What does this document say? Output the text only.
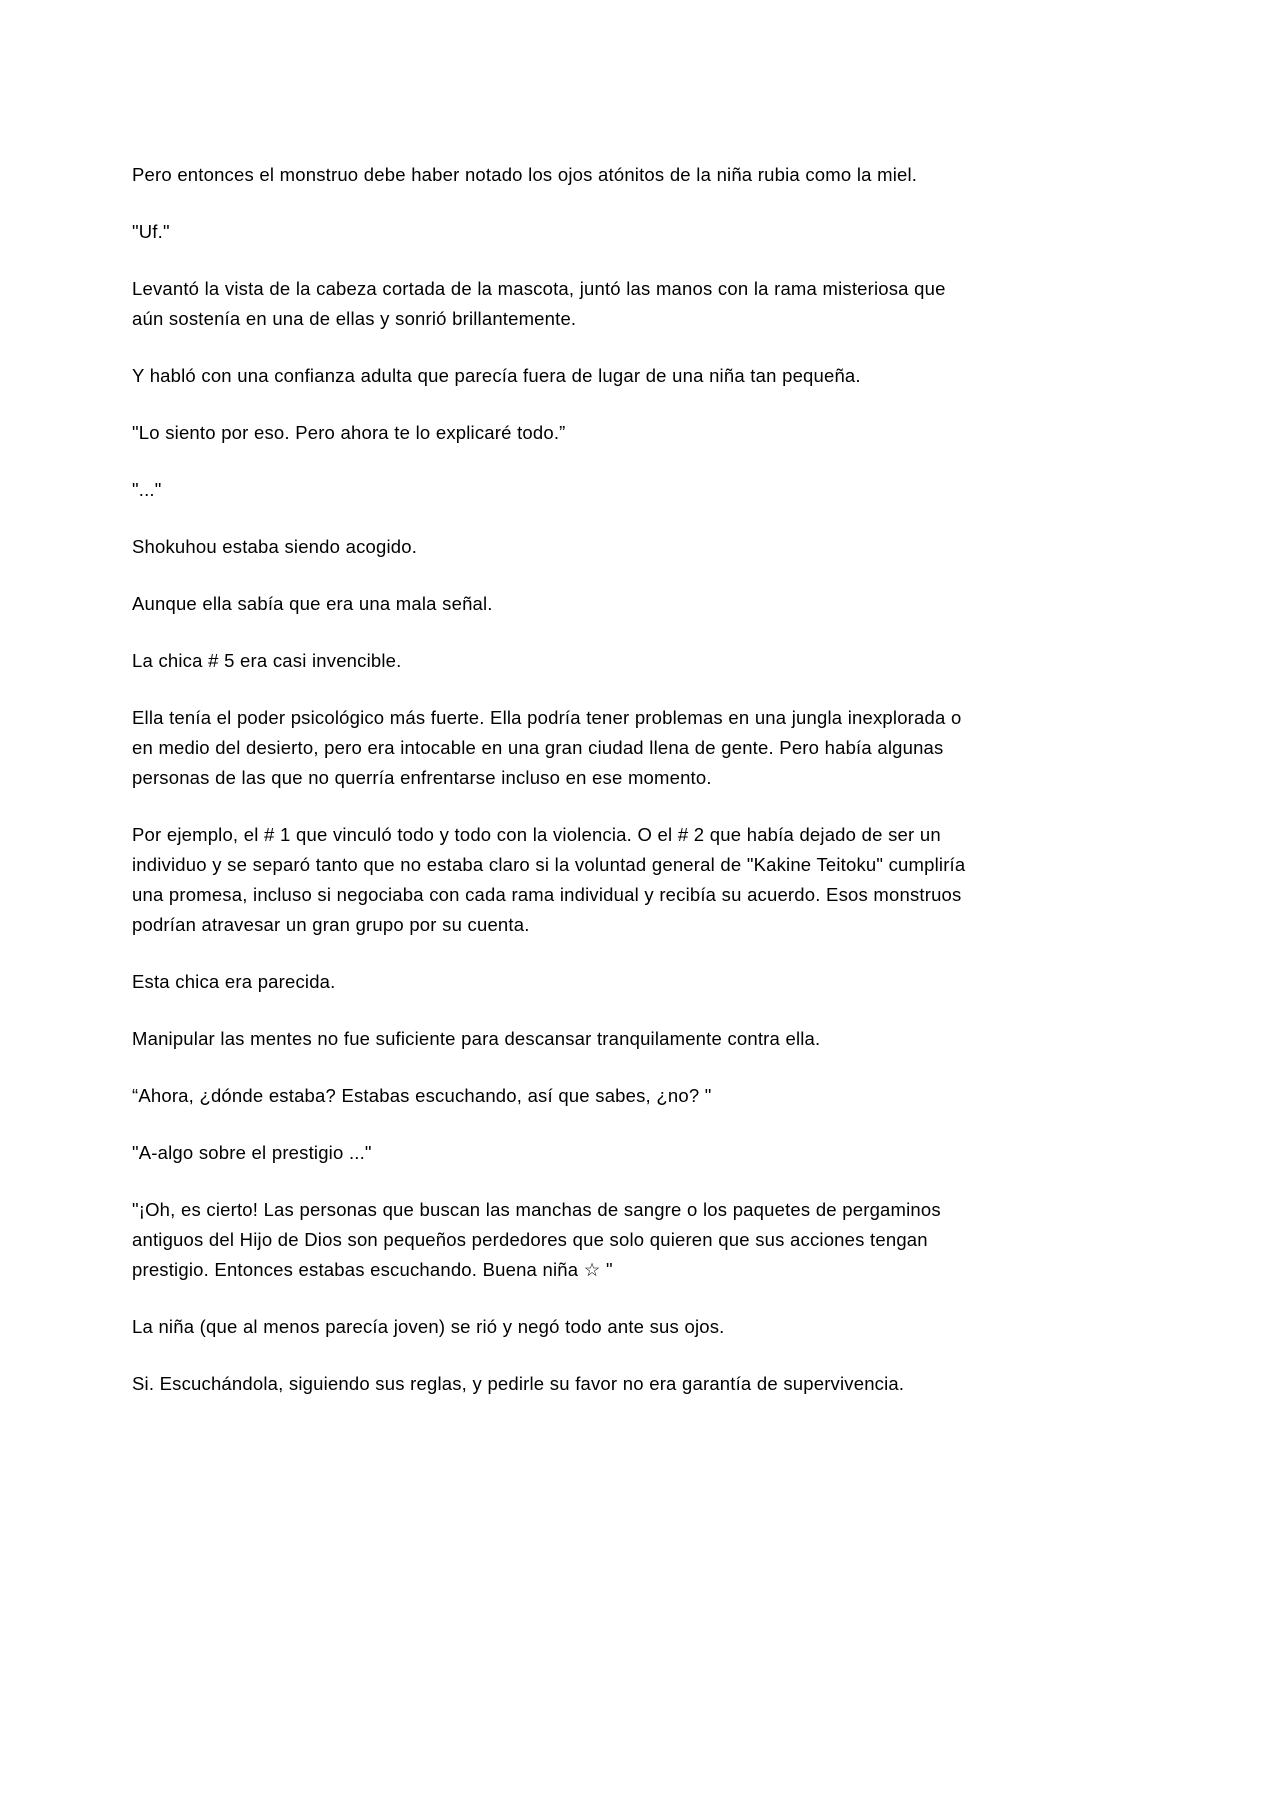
Pero entonces el monstruo debe haber notado los ojos atónitos de la niña rubia como la miel.

"Uf."

Levantó la vista de la cabeza cortada de la mascota, juntó las manos con la rama misteriosa que aún sostenía en una de ellas y sonrió brillantemente.

Y habló con una confianza adulta que parecía fuera de lugar de una niña tan pequeña.

"Lo siento por eso. Pero ahora te lo explicaré todo.”

"..."

Shokuhou estaba siendo acogido.

Aunque ella sabía que era una mala señal.

La chica # 5 era casi invencible.

Ella tenía el poder psicológico más fuerte. Ella podría tener problemas en una jungla inexplorada o en medio del desierto, pero era intocable en una gran ciudad llena de gente. Pero había algunas personas de las que no querría enfrentarse incluso en ese momento.

Por ejemplo, el # 1 que vinculó todo y todo con la violencia. O el # 2 que había dejado de ser un individuo y se separó tanto que no estaba claro si la voluntad general de "Kakine Teitoku" cumpliría una promesa, incluso si negociaba con cada rama individual y recibía su acuerdo. Esos monstruos podrían atravesar un gran grupo por su cuenta.

Esta chica era parecida.

Manipular las mentes no fue suficiente para descansar tranquilamente contra ella.

“Ahora, ¿dónde estaba? Estabas escuchando, así que sabes, ¿no? "

"A-algo sobre el prestigio ..."

"¡Oh, es cierto! Las personas que buscan las manchas de sangre o los paquetes de pergaminos antiguos del Hijo de Dios son pequeños perdedores que solo quieren que sus acciones tengan prestigio. Entonces estabas escuchando. Buena niña ☆ "

La niña (que al menos parecía joven) se rió y negó todo ante sus ojos.

Si. Escuchándola, siguiendo sus reglas, y pedirle su favor no era garantía de supervivencia.
